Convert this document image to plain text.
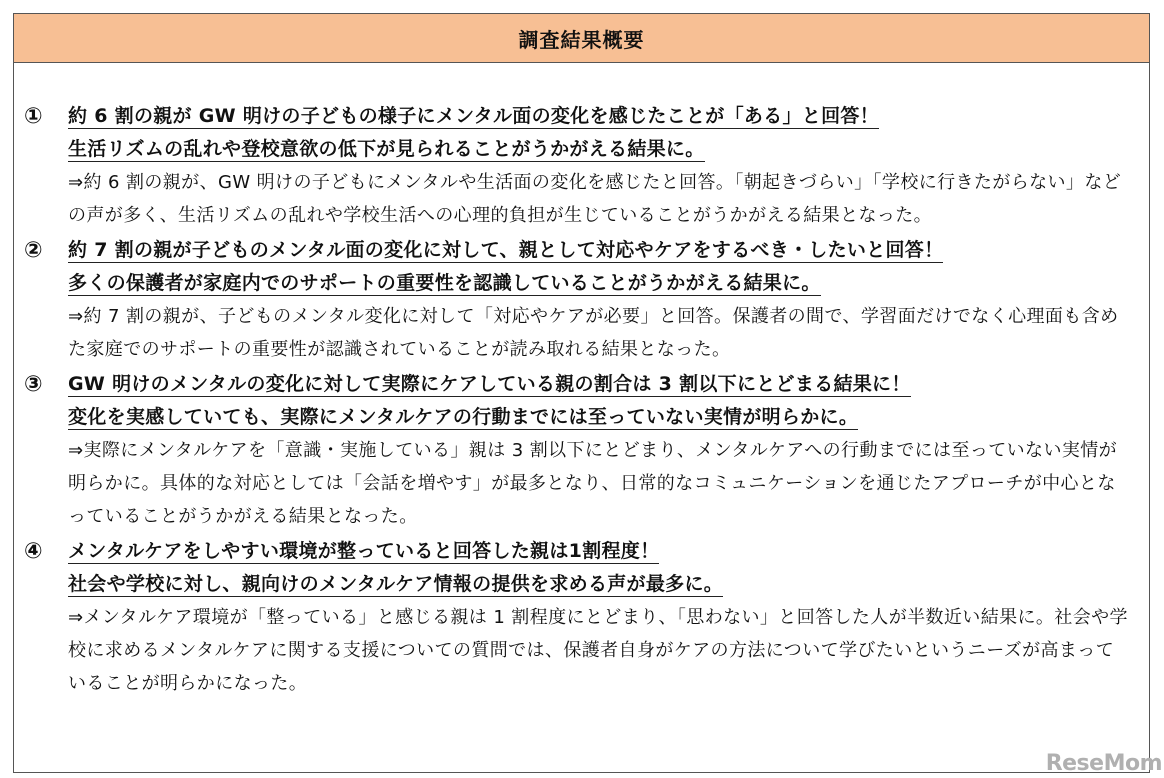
調査結果概要
① 約 6 割の親が GW 明けの子どもの様子にメンタル面の変化を感じたことが「ある」と回答！
生活リズムの乱れや登校意欲の低下が見られることがうかがえる結果に。

⇒約 6 割の親が、GW 明けの子どもにメンタルや生活面の変化を感じたと回答。「朝起きづらい」「学校に行きたがらない」などの声が多く、生活リズムの乱れや学校生活への心理的負担が生じていることがうかがえる結果となった。

② 約 7 割の親が子どものメンタル面の変化に対して、親として対応やケアをするべき・したいと回答！
多くの保護者が家庭内でのサポートの重要性を認識していることがうかがえる結果に。

⇒約 7 割の親が、子どものメンタル変化に対して「対応やケアが必要」と回答。保護者の間で、学習面だけでなく心理面も含めた家庭でのサポートの重要性が認識されていることが読み取れる結果となった。

③ GW 明けのメンタルの変化に対して実際にケアしている親の割合は 3 割以下にとどまる結果に！
変化を実感していても、実際にメンタルケアの行動までには至っていない実情が明らかに。

⇒実際にメンタルケアを「意識・実施している」親は 3 割以下にとどまり、メンタルケアへの行動までには至っていない実情が明らかに。具体的な対応としては「会話を増やす」が最多となり、日常的なコミュニケーションを通じたアプローチが中心となっていることがうかがえる結果となった。

④ メンタルケアをしやすい環境が整っていると回答した親は1割程度！
社会や学校に対し、親向けのメンタルケア情報の提供を求める声が最多に。

⇒メンタルケア環境が「整っている」と感じる親は 1 割程度にとどまり、「思わない」と回答した人が半数近い結果に。社会や学校に求めるメンタルケアに関する支援についての質問では、保護者自身がケアの方法について学びたいというニーズが高まっていることが明らかになった。

ReseMom
